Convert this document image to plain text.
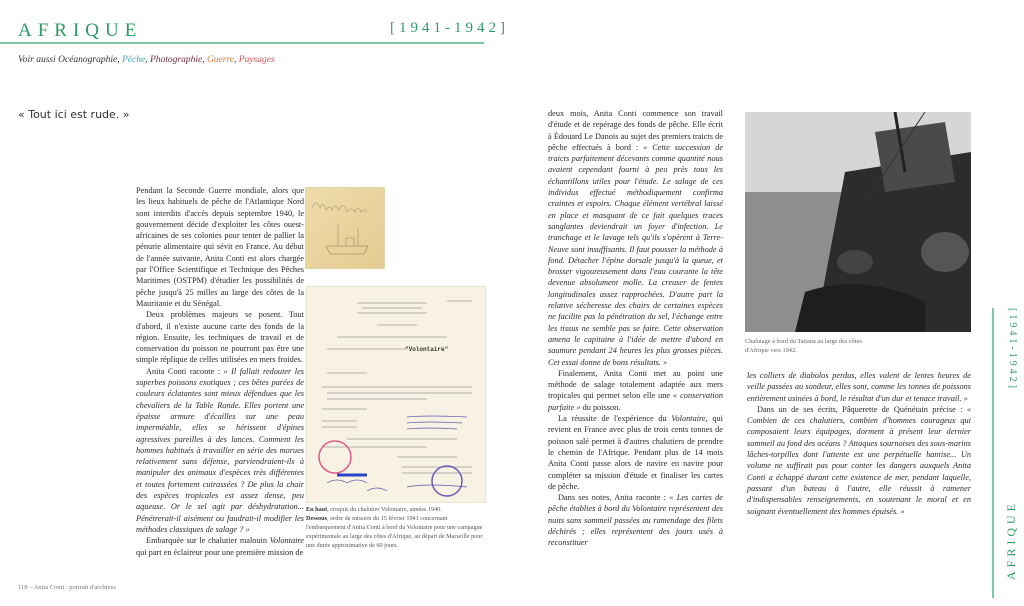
AFRIQUE	[1941-1942]
Voir aussi Océanographie, Pêche, Photographie, Guerre, Paysages
« Tout ici est rude. »

Pendant la Seconde Guerre mondiale, alors que les lieux habituels de pêche de l'Atlantique Nord sont interdits d'accès depuis septembre 1940, le gouvernement décide d'exploiter les côtes ouest-africaines de ses colonies pour tenter de pallier la pénurie alimentaire qui sévit en France. Au début de l'année suivante, Anita Conti est alors chargée par l'Office Scientifique et Technique des Pêches Maritimes (OSTPM) d'étudier les possibilités de pêche jusqu'à 25 milles au large des côtes de la Mauritanie et du Sénégal.

Deux problèmes majeurs se posent. Tout d'abord, il n'existe aucune carte des fonds de la région. Ensuite, les techniques de travail et de conservation du poisson ne pourront pas être une simple réplique de celles utilisées en mers froides.

Anita Conti raconte : « Il fallait redouter les superbes poissons exotiques ; ces bêtes parées de couleurs éclatantes sont mieux défendues que les chevaliers de la Table Ronde. Elles portent une épaisse armure d'écailles sur une peau imperméable, elles se hérissent d'épines agressives pareilles à des lances. Comment les hommes habitués à travailler en série des morues relativement sans défense, parviendraient-ils à manipuler des animaux d'espèces très différentes et toutes fortement cuirassées ? De plus la chair des espèces tropicales est assez dense, peu aqueuse. Or le sel agit par déshydratation... Pénétrerait-il aisément ou faudrait-il modifier les méthodes classiques de salage ? »

Embarquée sur le chalutier malouin Volontaire qui part en éclaireur pour une première mission de

"Volontaire"
En haut, croquis du chalutier Volontaire, années 1940.
Dessous, ordre de mission du 15 février 1941 concernant l'embarquement d'Anita Conti à bord du Volontaire pour une campagne expérimentale au large des côtes d'Afrique, au départ de Marseille pour une durée approximative de 60 jours.

deux mois, Anita Conti commence son travail d'étude et de repérage des fonds de pêche. Elle écrit à Édouard Le Danois au sujet des premiers traicts de pêche effectués à bord : « Cette succession de traicts parfaitement décevants comme quantité nous avaient cependant fourni à peu près tous les échantillons utiles pour l'étude. Le salage de ces individus effectué méthodiquement confirma craintes et espoirs. Chaque élément vertébral laissé en place et masquant de ce fait quelques traces sanglantes deviendrait un foyer d'infection. Le tranchage et le lavage tels qu'ils s'opèrent à Terre-Neuve sont insuffisants. Il faut pousser la méthode à fond. Détacher l'épine dorsale jusqu'à la queue, et brosser vigoureusement dans l'eau courante la tête devenue absolument molle. La creuser de fentes longitudinales assez rapprochées. D'autre part la relative sécheresse des chairs de certaines espèces ne facilite pas la pénétration du sel, l'échange entre les tissus ne semble pas se faire. Cette observation amena le capitaine à l'idée de mettre d'abord en saumure pendant 24 heures les plus grosses pièces. Cet essai donne de bons résultats. »

Finalement, Anita Conti met au point une méthode de salage totalement adaptée aux mers tropicales qui permet selon elle une « conservation parfaite » du poisson.

La réussite de l'expérience du Volontaire, qui revient en France avec plus de trois cents tonnes de poisson salé permet à d'autres chalutiers de prendre le chemin de l'Afrique. Pendant plus de 14 mois Anita Conti passe alors de navire en navire pour compléter sa mission d'étude et finaliser les cartes de pêche.

Dans ses notes, Anita raconte : « Les cartes de pêche établies à bord du Volontaire représentent des nuits sans sommeil passées au ramendage des filets déchirés ; elles représentent des jours usés à reconstituer

Chalutage à bord du Tatiana au large des côtes d'Afrique vers 1942.

les colliers de diabolos perdus, elles valent de lentes heures de veille passées au sondeur, elles sont, comme les tonnes de poissons entièrement usinées à bord, le résultat d'un dur et tenace travail. »

Dans un de ses écrits, Pâquerette de Quénétain précise : « Combien de ces chalutiers, combien d'hommes courageux qui composaient leurs équipages, dorment à présent leur dernier sommeil au fond des océans ? Attaques sournoises des sous-marins lâches-torpilles dont l'attente est une perpétuelle hantise... Un volume ne suffirait pas pour conter les dangers auxquels Anita Conti a échappé durant cette existence de mer, pendant laquelle, passant d'un bateau à l'autre, elle réussit à ramener d'indispensables renseignements, en soutenant le moral et en soignant éventuellement des hommes épuisés. »

[1941-1942]
AFRIQUE
118 – Anita Conti : portrait d'archives
